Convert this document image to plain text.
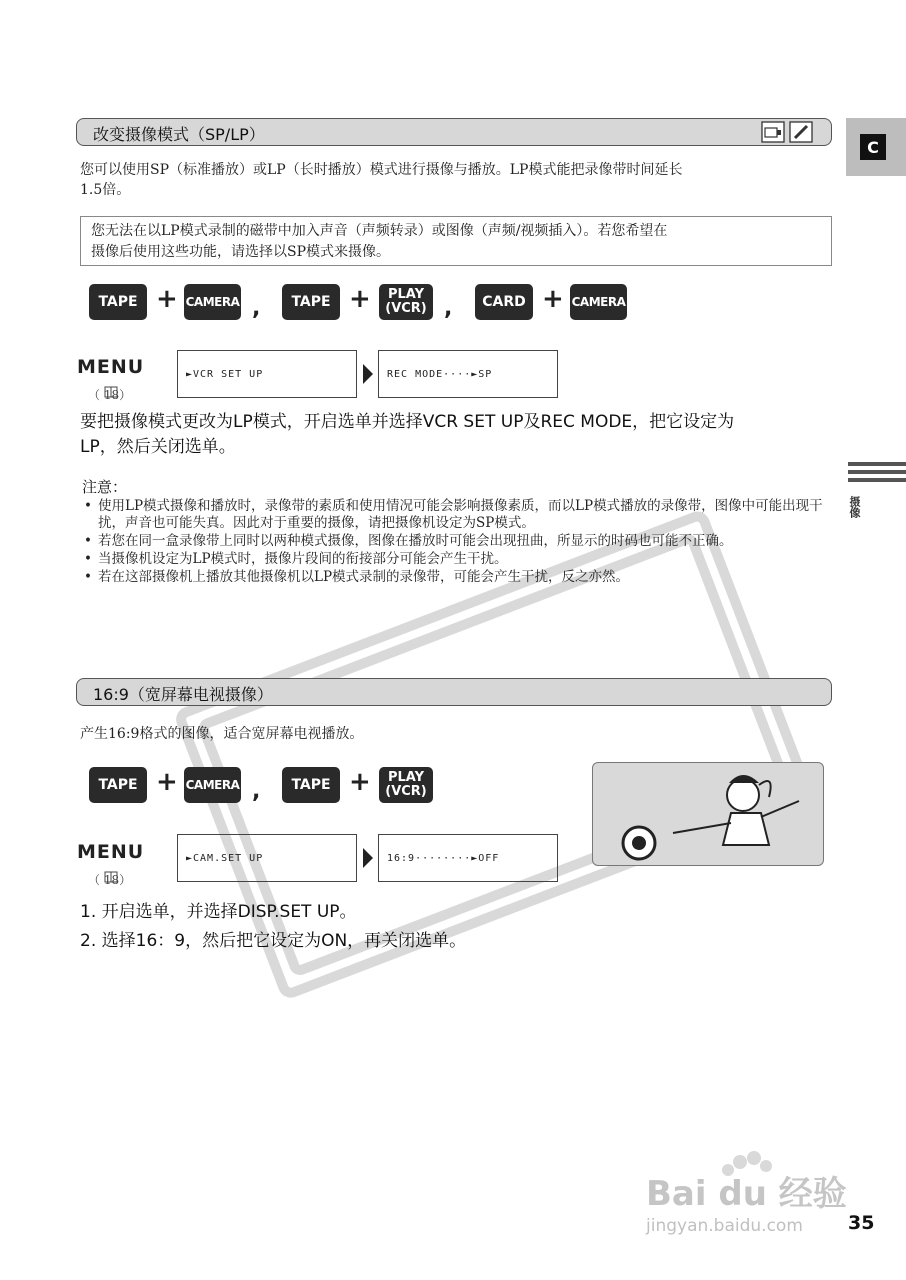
改变摄像模式（SP/LP）
您可以使用SP（标准播放）或LP（长时播放）模式进行摄像与播放。LP模式能把录像带时间延长
1.5倍。
您无法在以LP模式录制的磁带中加入声音（声频转录）或图像（声频/视频插入）。若您希望在
摄像后使用这些功能，请选择以SP模式来摄像。
TAPE + CAMERA ,	TAPE + PLAY
(VCR) ,	CARD + CAMERA
MENU
（ 18）
►VCR SET UP	REC MODE····►SP
要把摄像模式更改为LP模式，开启选单并选择VCR SET UP及REC MODE，把它设定为
LP，然后关闭选单。
注意：
• 使用LP模式摄像和播放时，录像带的素质和使用情况可能会影响摄像素质，而以LP模式播放的录像带，图像中可能出现干扰，声音也可能失真。因此对于重要的摄像，请把摄像机设定为SP模式。
• 若您在同一盒录像带上同时以两种模式摄像，图像在播放时可能会出现扭曲，所显示的时码也可能不正确。
• 当摄像机设定为LP模式时，摄像片段间的衔接部分可能会产生干扰。
• 若在这部摄像机上播放其他摄像机以LP模式录制的录像带，可能会产生干扰，反之亦然。
16:9（宽屏幕电视摄像）
产生16:9格式的图像，适合宽屏幕电视播放。
TAPE + CAMERA ,	TAPE + PLAY
(VCR)
MENU
（ 18）
►CAM.SET UP	16:9········►OFF
1. 开启选单，并选择DISP.SET UP。
2. 选择16：9，然后把它设定为ON，再关闭选单。
C
摄像
Bai du 经验
jingyan.baidu.com 35
